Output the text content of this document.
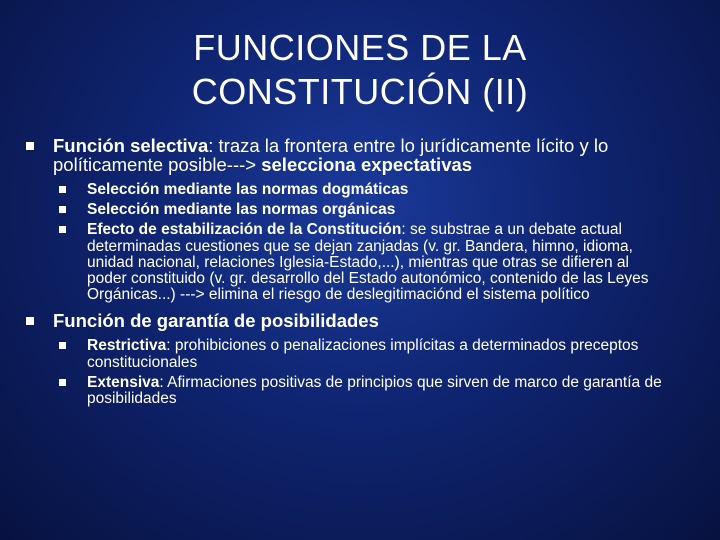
FUNCIONES DE LA
CONSTITUCIÓN (II)
Función selectiva: traza la frontera entre lo jurídicamente lícito y lo políticamente posible---> selecciona expectativas
Selección mediante las normas dogmáticas
Selección mediante las normas orgánicas
Efecto de estabilización de la Constitución: se substrae a un debate actual determinadas cuestiones que se dejan zanjadas (v. gr. Bandera, himno, idioma, unidad nacional, relaciones Iglesia-Estado,...), mientras que otras se difieren al poder constituido (v. gr. desarrollo del Estado autonómico, contenido de las Leyes Orgánicas...) ---> elimina el riesgo de deslegitimaciónd el sistema político
Función de garantía de posibilidades
Restrictiva: prohibiciones o penalizaciones implícitas a determinados preceptos constitucionales
Extensiva: Afirmaciones positivas de principios que sirven de marco de garantía de posibilidades
